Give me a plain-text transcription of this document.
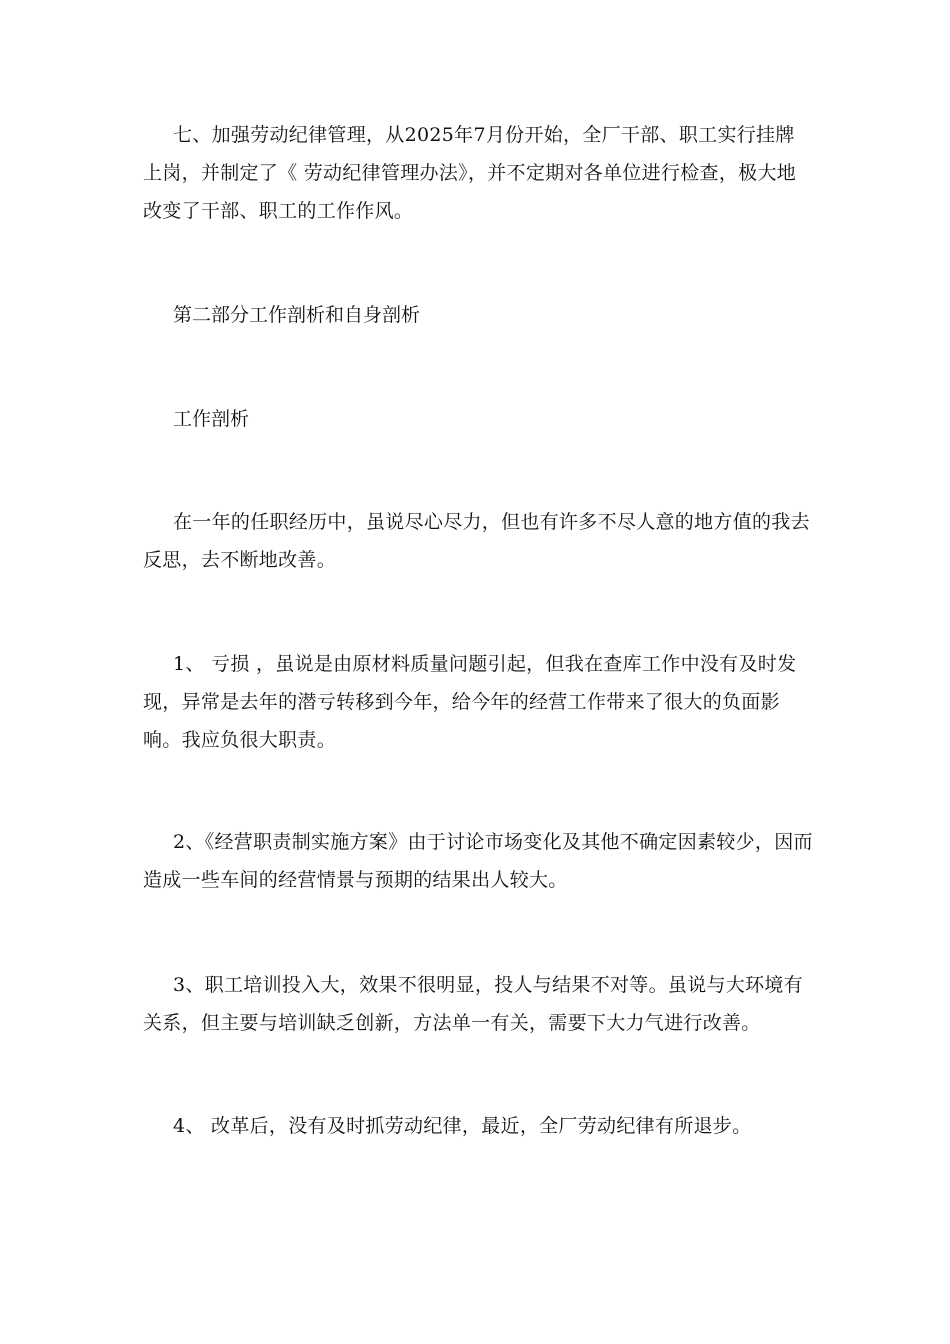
七、加强劳动纪律管理，从2025年7月份开始，全厂干部、职工实行挂牌上岗，并制定了《 劳动纪律管理办法》，并不定期对各单位进行检查，极大地改变了干部、职工的工作作风。

第二部分工作剖析和自身剖析

工作剖析

在一年的任职经历中，虽说尽心尽力，但也有许多不尽人意的地方值的我去反思，去不断地改善。

1、 亏损 ，虽说是由原材料质量问题引起，但我在查库工作中没有及时发现，异常是去年的潜亏转移到今年，给今年的经营工作带来了很大的负面影响。我应负很大职责。

2、《经营职责制实施方案》由于讨论市场变化及其他不确定因素较少，因而造成一些车间的经营情景与预期的结果出人较大。

3、职工培训投入大，效果不很明显，投人与结果不对等。虽说与大环境有关系，但主要与培训缺乏创新，方法单一有关，需要下大力气进行改善。

4、 改革后，没有及时抓劳动纪律，最近，全厂劳动纪律有所退步。
